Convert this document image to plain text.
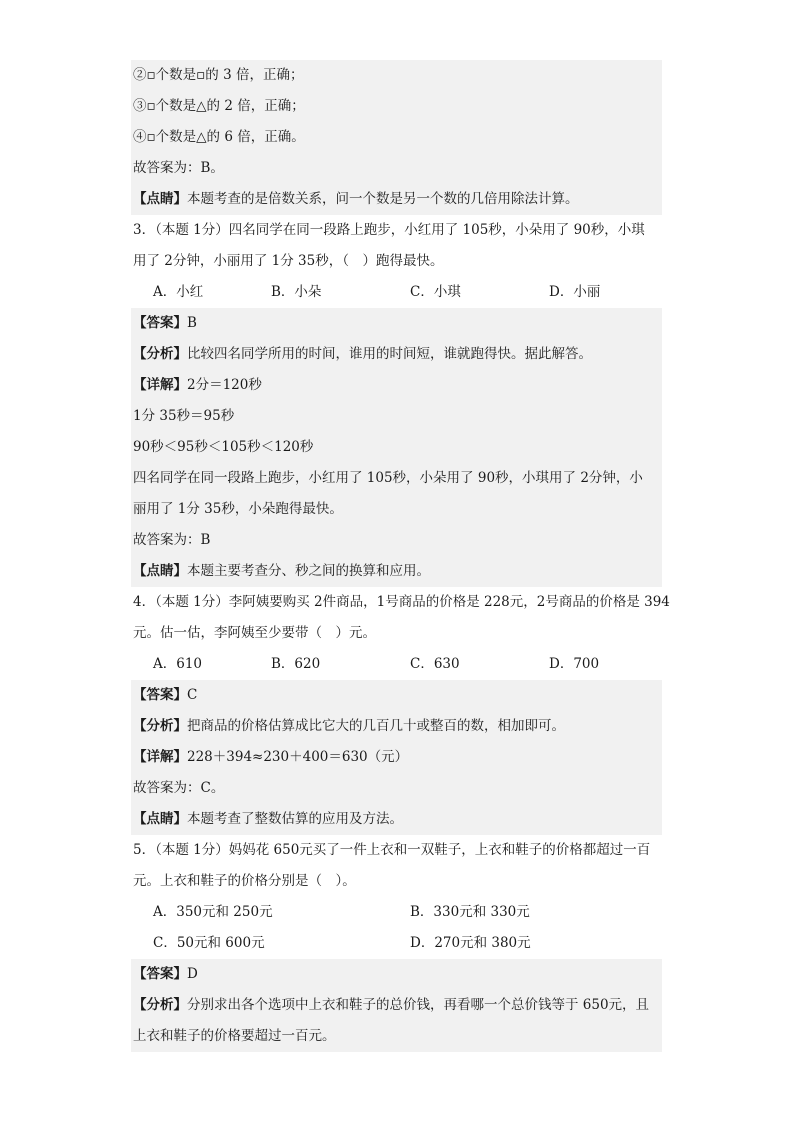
②▫个数是▫的 3 倍，正确；
③▫个数是△的 2 倍，正确；
④▫个数是△的 6 倍，正确。
故答案为：B。
【点睛】本题考查的是倍数关系，问一个数是另一个数的几倍用除法计算。
3．（本题 1分）四名同学在同一段路上跑步，小红用了 105秒，小朵用了 90秒，小琪
用了 2分钟，小丽用了 1分 35秒，（　）跑得最快。
A．小红	B．小朵	C．小琪	D．小丽
【答案】B
【分析】比较四名同学所用的时间，谁用的时间短，谁就跑得快。据此解答。
【详解】2分＝120秒
1分 35秒＝95秒
90秒＜95秒＜105秒＜120秒
四名同学在同一段路上跑步，小红用了 105秒，小朵用了 90秒，小琪用了 2分钟，小
丽用了 1分 35秒，小朵跑得最快。
故答案为：B
【点睛】本题主要考查分、秒之间的换算和应用。
4．（本题 1分）李阿姨要购买 2件商品，1号商品的价格是 228元，2号商品的价格是 394
元。估一估，李阿姨至少要带（　）元。
A．610	B．620	C．630	D．700
【答案】C
【分析】把商品的价格估算成比它大的几百几十或整百的数，相加即可。
【详解】228＋394≈230＋400＝630（元）
故答案为：C。
【点睛】本题考查了整数估算的应用及方法。
5．（本题 1分）妈妈花 650元买了一件上衣和一双鞋子，上衣和鞋子的价格都超过一百
元。上衣和鞋子的价格分别是（　）。
A．350元和 250元	B．330元和 330元
C．50元和 600元	D．270元和 380元
【答案】D
【分析】分别求出各个选项中上衣和鞋子的总价钱，再看哪一个总价钱等于 650元，且
上衣和鞋子的价格要超过一百元。
